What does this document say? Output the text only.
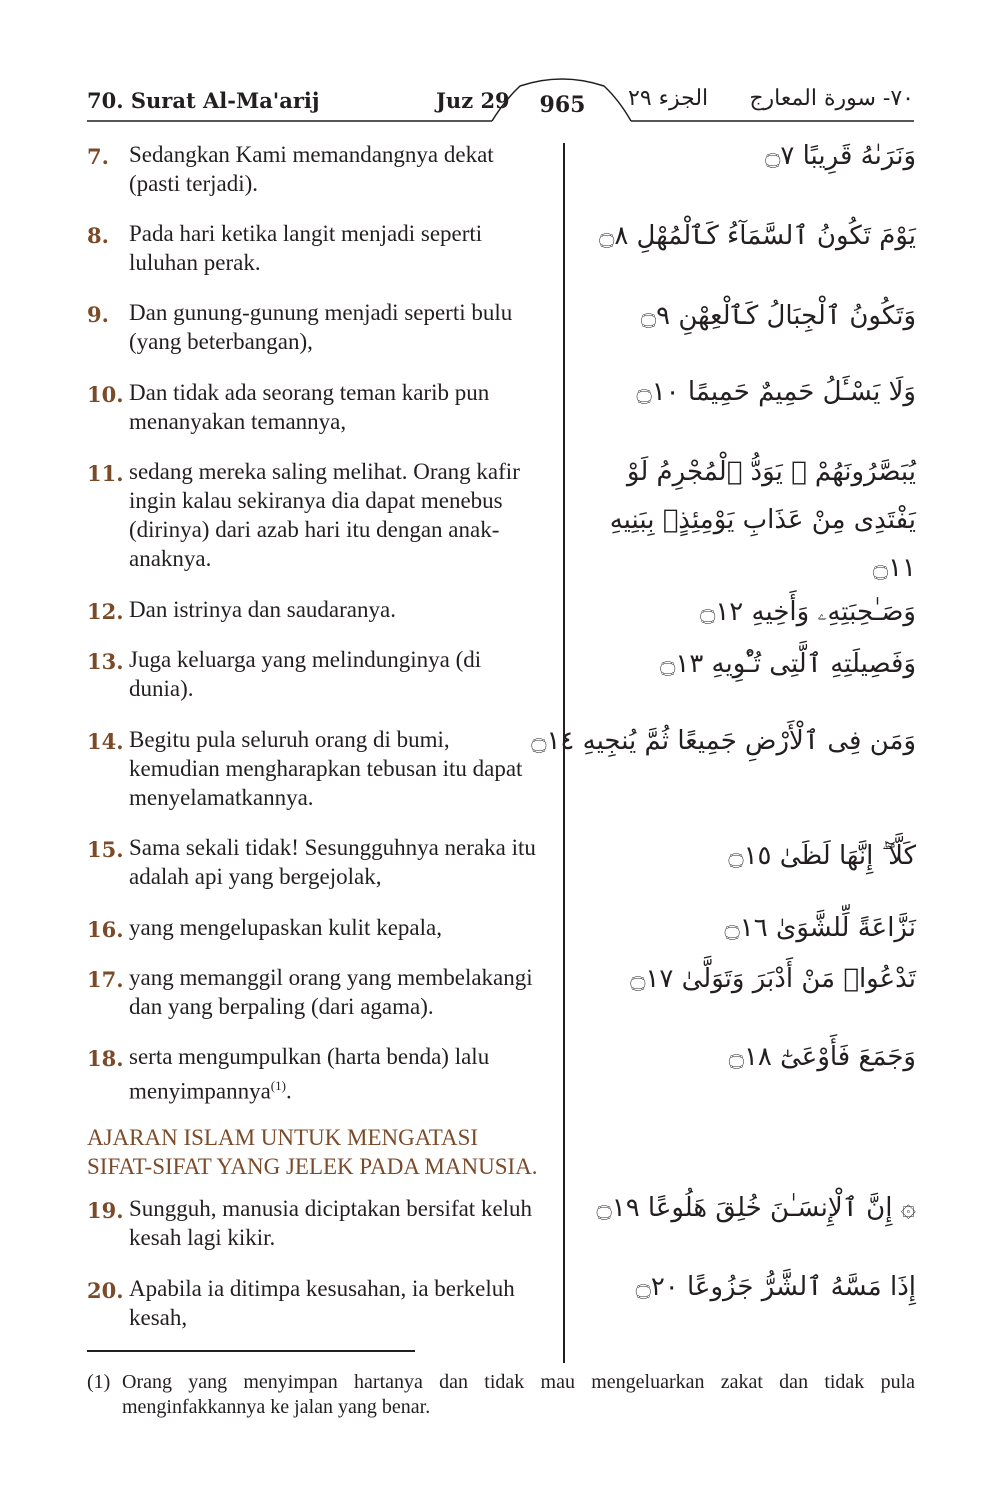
70. Surat Al-Ma'arij	Juz 29	965	الجزء ٢٩ ٧٠- سورة المعارج
7. Sedangkan Kami memandangnya dekat
(pasti terjadi).
وَنَرَىٰهُ قَرِيبًا ۝٧
8. Pada hari ketika langit menjadi seperti
luluhan perak.
يَوْمَ تَكُونُ ٱلسَّمَآءُ كَٱلْمُهْلِ ۝٨
9. Dan gunung-gunung menjadi seperti bulu
(yang beterbangan),
وَتَكُونُ ٱلْجِبَالُ كَٱلْعِهْنِ ۝٩
10. Dan tidak ada seorang teman karib pun
menanyakan temannya,
وَلَا يَسْـَٔلُ حَمِيمٌ حَمِيمًا ۝١٠
11. sedang mereka saling melihat. Orang kafir
ingin kalau sekiranya dia dapat menebus
(dirinya) dari azab hari itu dengan anak-
anaknya.
يُبَصَّرُونَهُمْ ۚ يَوَدُّ ٱلْمُجْرِمُ لَوْ يَفْتَدِى مِنْ عَذَابِ يَوْمِئِذٍۭ بِبَنِيهِ ۝١١
12. Dan istrinya dan saudaranya.	وَصَـٰحِبَتِهِۦ وَأَخِيهِ ۝١٢
13. Juga keluarga yang melindunginya (di
dunia).
وَفَصِيلَتِهِ ٱلَّتِى تُـْٔوِيهِ ۝١٣
14. Begitu pula seluruh orang di bumi,
kemudian mengharapkan tebusan itu dapat
menyelamatkannya.
وَمَن فِى ٱلْأَرْضِ جَمِيعًا ثُمَّ يُنجِيهِ ۝١٤
15. Sama sekali tidak! Sesungguhnya neraka itu
adalah api yang bergejolak,
كَلَّآ ۖ إِنَّهَا لَظَىٰ ۝١٥
16. yang mengelupaskan kulit kepala,	نَزَّاعَةً لِّلشَّوَىٰ ۝١٦
17. yang memanggil orang yang membelakangi
dan yang berpaling (dari agama).
تَدْعُوا۟ مَنْ أَدْبَرَ وَتَوَلَّىٰ ۝١٧
18. serta mengumpulkan (harta benda) lalu
menyimpannya$^{(1)}$.
وَجَمَعَ فَأَوْعَىٰٓ ۝١٨
AJARAN ISLAM UNTUK MENGATASI
SIFAT-SIFAT YANG JELEK PADA MANUSIA.
19. Sungguh, manusia diciptakan bersifat keluh
kesah lagi kikir.
۞ إِنَّ ٱلْإِنسَـٰنَ خُلِقَ هَلُوعًا ۝١٩
20. Apabila ia ditimpa kesusahan, ia berkeluh
kesah,
إِذَا مَسَّهُ ٱلشَّرُّ جَزُوعًا ۝٢٠
(1) Orang yang menyimpan hartanya dan tidak mau mengeluarkan zakat dan tidak pula menginfakkannya ke jalan yang benar.
